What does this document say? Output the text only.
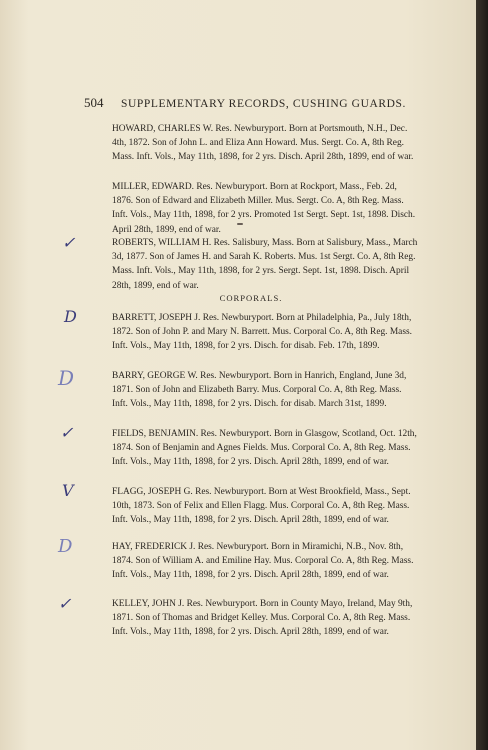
504 SUPPLEMENTARY RECORDS, CUSHING GUARDS.

HOWARD, CHARLES W. Res. Newburyport. Born at Portsmouth, N.H., Dec. 4th, 1872. Son of John L. and Eliza Ann Howard. Mus. Sergt. Co. A, 8th Reg. Mass. Inft. Vols., May 11th, 1898, for 2 yrs. Disch. April 28th, 1899, end of war.

MILLER, EDWARD. Res. Newburyport. Born at Rockport, Mass., Feb. 2d, 1876. Son of Edward and Elizabeth Miller. Mus. Sergt. Co. A, 8th Reg. Mass. Inft. Vols., May 11th, 1898, for 2 yrs. Promoted 1st Sergt. Sept. 1st, 1898. Disch. April 28th, 1899, end of war.

✓	ROBERTS, WILLIAM H. Res. Salisbury, Mass. Born at Salisbury, Mass., March 3d, 1877. Son of James H. and Sarah K. Roberts. Mus. 1st Sergt. Co. A, 8th Reg. Mass. Inft. Vols., May 11th, 1898, for 2 yrs. Sergt. Sept. 1st, 1898. Disch. April 28th, 1899, end of war.

CORPORALS.
D	BARRETT, JOSEPH J. Res. Newburyport. Born at Philadelphia, Pa., July 18th, 1872. Son of John P. and Mary N. Barrett. Mus. Corporal Co. A, 8th Reg. Mass. Inft. Vols., May 11th, 1898, for 2 yrs. Disch. for disab. Feb. 17th, 1899.

D	BARRY, GEORGE W. Res. Newburyport. Born in Hanrich, England, June 3d, 1871. Son of John and Elizabeth Barry. Mus. Corporal Co. A, 8th Reg. Mass. Inft. Vols., May 11th, 1898, for 2 yrs. Disch. for disab. March 31st, 1899.

✓	FIELDS, BENJAMIN. Res. Newburyport. Born in Glasgow, Scotland, Oct. 12th, 1874. Son of Benjamin and Agnes Fields. Mus. Corporal Co. A, 8th Reg. Mass. Inft. Vols., May 11th, 1898, for 2 yrs. Disch. April 28th, 1899, end of war.

V	FLAGG, JOSEPH G. Res. Newburyport. Born at West Brookfield, Mass., Sept. 10th, 1873. Son of Felix and Ellen Flagg. Mus. Corporal Co. A, 8th Reg. Mass. Inft. Vols., May 11th, 1898, for 2 yrs. Disch. April 28th, 1899, end of war.

D	HAY, FREDERICK J. Res. Newburyport. Born in Miramichi, N.B., Nov. 8th, 1874. Son of William A. and Emiline Hay. Mus. Corporal Co. A, 8th Reg. Mass. Inft. Vols., May 11th, 1898, for 2 yrs. Disch. April 28th, 1899, end of war.

✓	KELLEY, JOHN J. Res. Newburyport. Born in County Mayo, Ireland, May 9th, 1871. Son of Thomas and Bridget Kelley. Mus. Corporal Co. A, 8th Reg. Mass. Inft. Vols., May 11th, 1898, for 2 yrs. Disch. April 28th, 1899, end of war.
